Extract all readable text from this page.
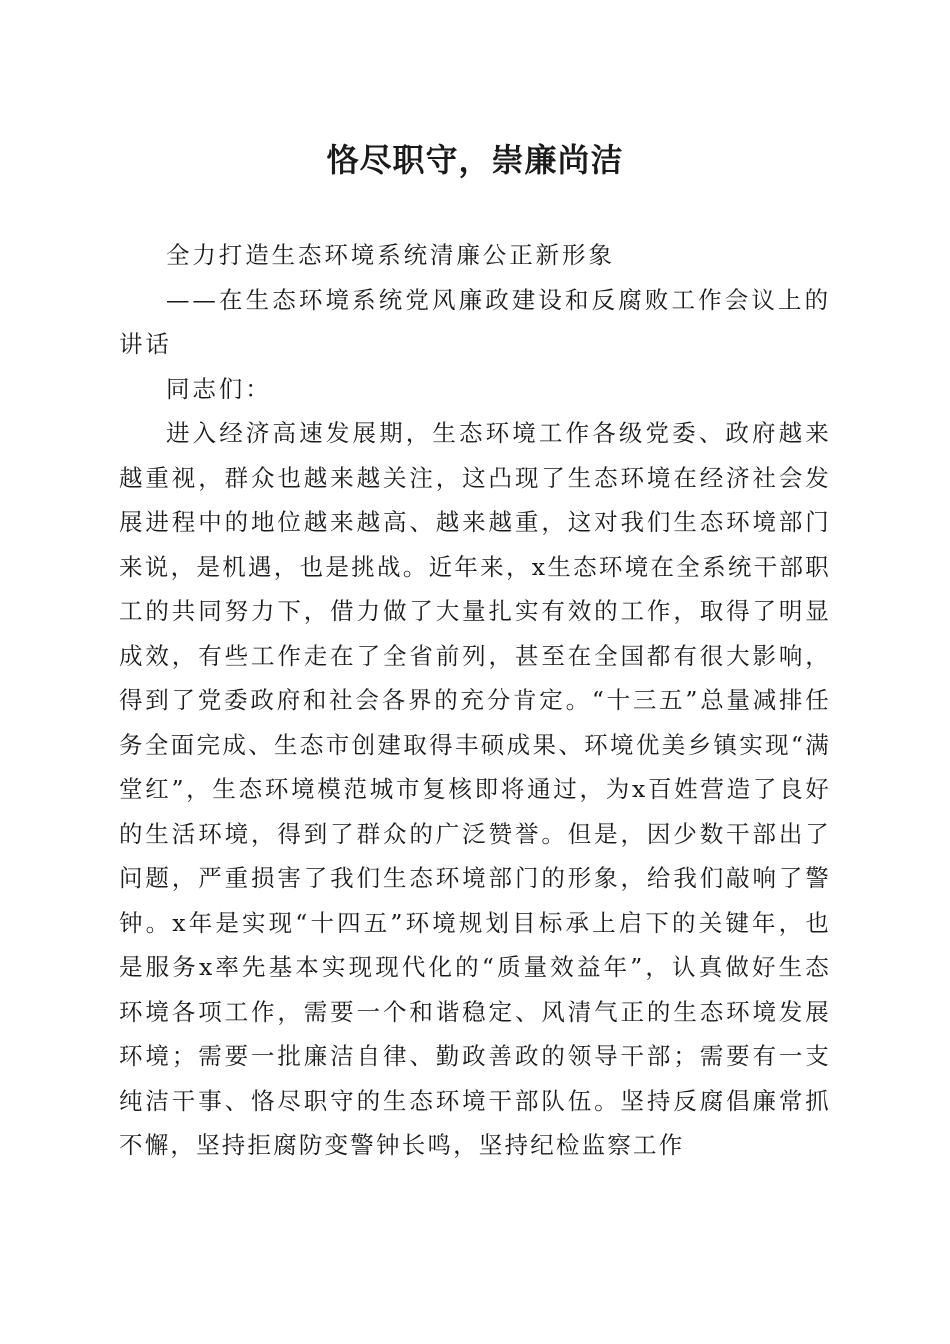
恪尽职守，崇廉尚洁

全力打造生态环境系统清廉公正新形象

——在生态环境系统党风廉政建设和反腐败工作会议上的讲话

同志们：

进入经济高速发展期，生态环境工作各级党委、政府越来越重视，群众也越来越关注，这凸现了生态环境在经济社会发展进程中的地位越来越高、越来越重，这对我们生态环境部门来说，是机遇，也是挑战。近年来，x生态环境在全系统干部职工的共同努力下，借力做了大量扎实有效的工作，取得了明显成效，有些工作走在了全省前列，甚至在全国都有很大影响，得到了党委政府和社会各界的充分肯定。“十三五”总量减排任务全面完成、生态市创建取得丰硕成果、环境优美乡镇实现“满堂红”，生态环境模范城市复核即将通过，为x百姓营造了良好的生活环境，得到了群众的广泛赞誉。但是，因少数干部出了问题，严重损害了我们生态环境部门的形象，给我们敲响了警钟。x年是实现“十四五”环境规划目标承上启下的关键年，也是服务x率先基本实现现代化的“质量效益年”，认真做好生态环境各项工作，需要一个和谐稳定、风清气正的生态环境发展环境；需要一批廉洁自律、勤政善政的领导干部；需要有一支纯洁干事、恪尽职守的生态环境干部队伍。坚持反腐倡廉常抓不懈，坚持拒腐防变警钟长鸣，坚持纪检监察工作
